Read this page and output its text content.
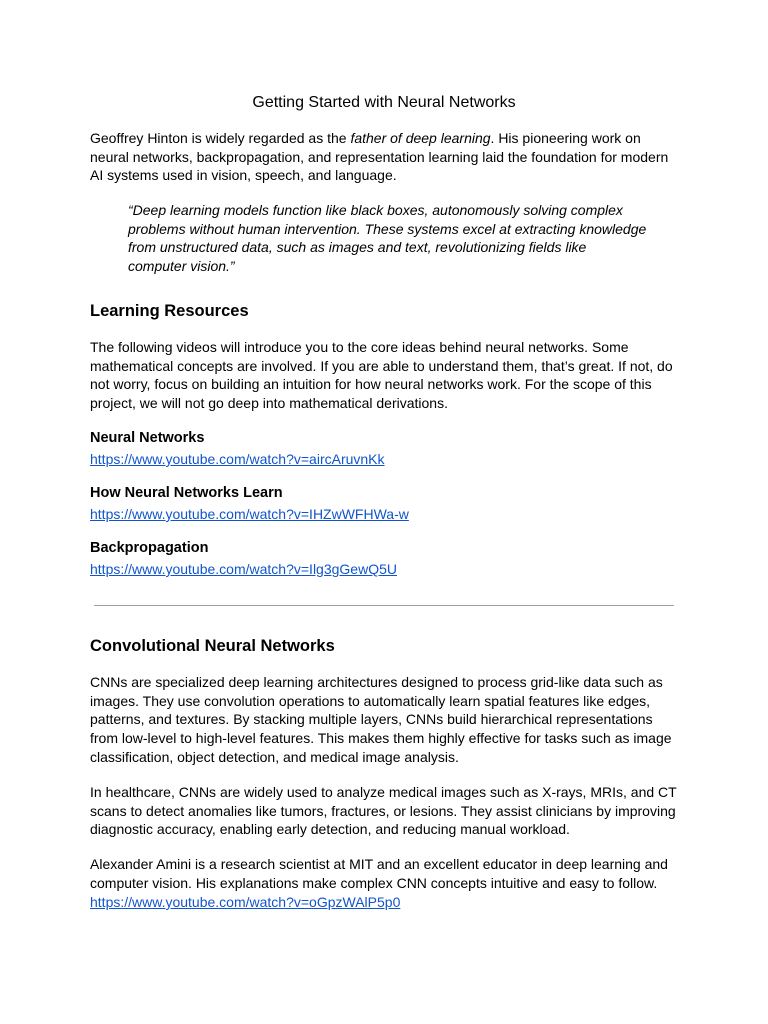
Getting Started with Neural Networks

Geoffrey Hinton is widely regarded as the father of deep learning. His pioneering work on neural networks, backpropagation, and representation learning laid the foundation for modern AI systems used in vision, speech, and language.

“Deep learning models function like black boxes, autonomously solving complex
problems without human intervention. These systems excel at extracting knowledge
from unstructured data, such as images and text, revolutionizing fields like
computer vision.”
Learning Resources

The following videos will introduce you to the core ideas behind neural networks. Some mathematical concepts are involved. If you are able to understand them, that’s great. If not, do not worry, focus on building an intuition for how neural networks work. For the scope of this project, we will not go deep into mathematical derivations.

Neural Networks
https://www.youtube.com/watch?v=aircAruvnKk
How Neural Networks Learn
https://www.youtube.com/watch?v=IHZwWFHWa-w
Backpropagation
https://www.youtube.com/watch?v=Ilg3gGewQ5U
Convolutional Neural Networks

CNNs are specialized deep learning architectures designed to process grid-like data such as images. They use convolution operations to automatically learn spatial features like edges, patterns, and textures. By stacking multiple layers, CNNs build hierarchical representations from low-level to high-level features. This makes them highly effective for tasks such as image classification, object detection, and medical image analysis.

In healthcare, CNNs are widely used to analyze medical images such as X-rays, MRIs, and CT scans to detect anomalies like tumors, fractures, or lesions. They assist clinicians by improving diagnostic accuracy, enabling early detection, and reducing manual workload.

Alexander Amini is a research scientist at MIT and an excellent educator in deep learning and computer vision. His explanations make complex CNN concepts intuitive and easy to follow.

https://www.youtube.com/watch?v=oGpzWAlP5p0
